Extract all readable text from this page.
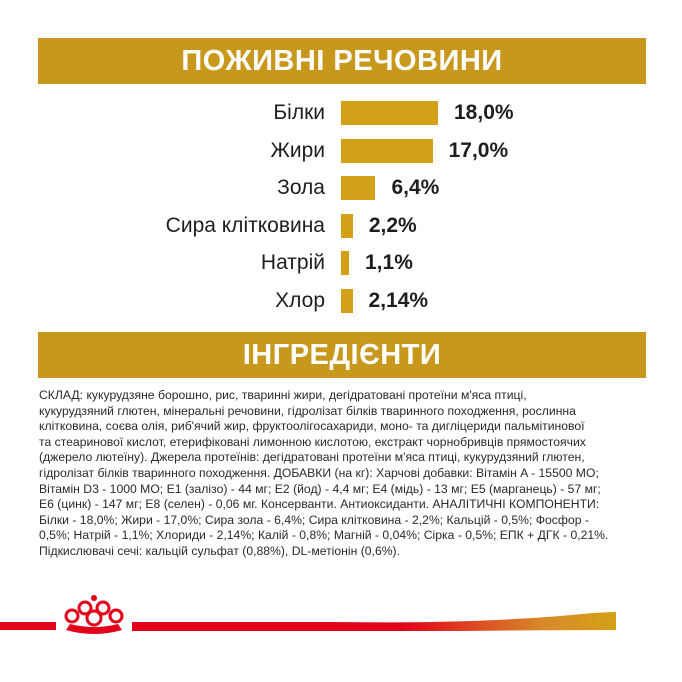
ПОЖИВНІ РЕЧОВИНИ
Білки	18,0%
Жири	17,0%
Зола	6,4%
Сира клітковина 2,2%
Натрій 1,1%
Хлор 2,14%
ІНГРЕДІЄНТИ
СКЛАД: кукурудзяне борошно, рис, тваринні жири, дегідратовані протеїни м'яса птиці,
кукурудзяний глютен, мінеральні речовини, гідролізат білків тваринного походження, рослинна
клітковина, соєва олія, риб'ячий жир, фруктоолігосахариди, моно- та дигліцериди пальмітинової
та стеаринової кислот, етерифіковані лимонною кислотою, екстракт чорнобривців прямостоячих
(джерело лютеїну). Джерела протеїнів: дегідратовані протеїни м'яса птиці, кукурудзяний глютен,
гідролізат білків тваринного походження. ДОБАВКИ (на кг): Харчові добавки: Вітамін A - 15500 МО;
Вітамін D3 - 1000 МО; E1 (залізо) - 44 мг; E2 (йод) - 4,4 мг; E4 (мідь) - 13 мг; E5 (марганець) - 57 мг;
E6 (цинк) - 147 мг; E8 (селен) - 0,06 мг. Консерванти. Антиоксиданти. АНАЛІТИЧНІ КОМПОНЕНТИ:
Білки - 18,0%; Жири - 17,0%; Сира зола - 6,4%; Сира клітковина - 2,2%; Кальцій - 0,5%; Фосфор -
0,5%; Натрій - 1,1%; Хлориди - 2,14%; Калій - 0,8%; Магній - 0,04%; Сірка - 0,5%; ЕПК + ДГК - 0,21%.
Підкислювачі сечі: кальцій сульфат (0,88%), DL-метіонін (0,6%).
